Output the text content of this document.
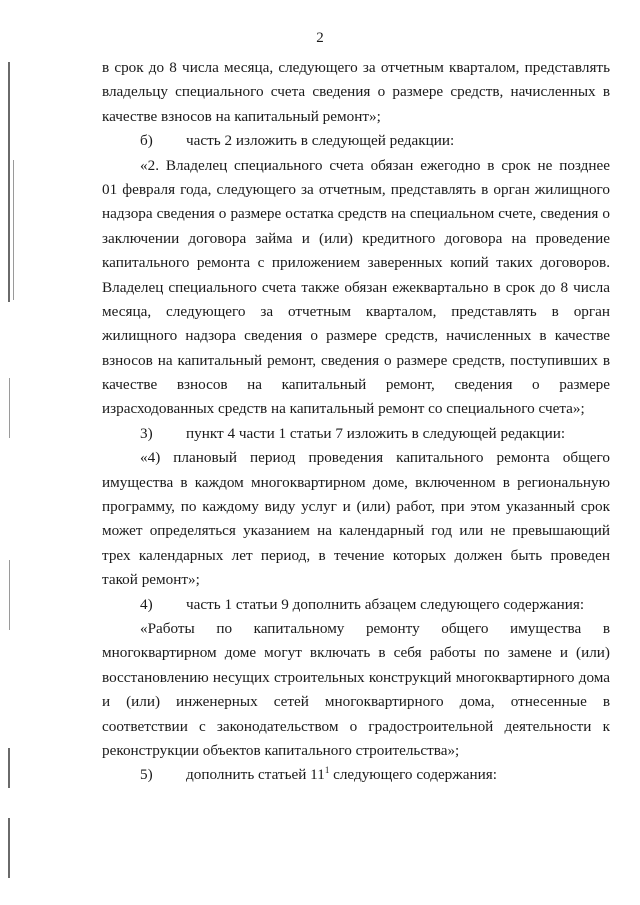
2
в срок до 8 числа месяца, следующего за отчетным кварталом, представлять
владельцу специального счета сведения о размере средств, начисленных в
качестве взносов на капитальный ремонт»;
б) часть 2 изложить в следующей редакции:
«2. Владелец специального счета обязан ежегодно в срок не позднее
01 февраля года, следующего за отчетным, представлять в орган жилищного
надзора сведения о размере остатка средств на специальном счете, сведения о
заключении договора займа и (или) кредитного договора на проведение
капитального ремонта с приложением заверенных копий таких договоров.
Владелец специального счета также обязан ежеквартально в срок до 8 числа
месяца, следующего за отчетным кварталом, представлять в орган
жилищного надзора сведения о размере средств, начисленных в качестве
взносов на капитальный ремонт, сведения о размере средств, поступивших в
качестве взносов на капитальный ремонт, сведения о размере
израсходованных средств на капитальный ремонт со специального счета»;
3) пункт 4 части 1 статьи 7 изложить в следующей редакции:
«4) плановый период проведения капитального ремонта общего
имущества в каждом многоквартирном доме, включенном в региональную
программу, по каждому виду услуг и (или) работ, при этом указанный срок
может определяться указанием на календарный год или не превышающий
трех календарных лет период, в течение которых должен быть проведен
такой ремонт»;
4) часть 1 статьи 9 дополнить абзацем следующего содержания:
«Работы по капитальному ремонту общего имущества в
многоквартирном доме могут включать в себя работы по замене и (или)
восстановлению несущих строительных конструкций многоквартирного дома
и (или) инженерных сетей многоквартирного дома, отнесенные в
соответствии с законодательством о градостроительной деятельности к
реконструкции объектов капитального строительства»;
5) дополнить статьей $11^1$ следующего содержания:
